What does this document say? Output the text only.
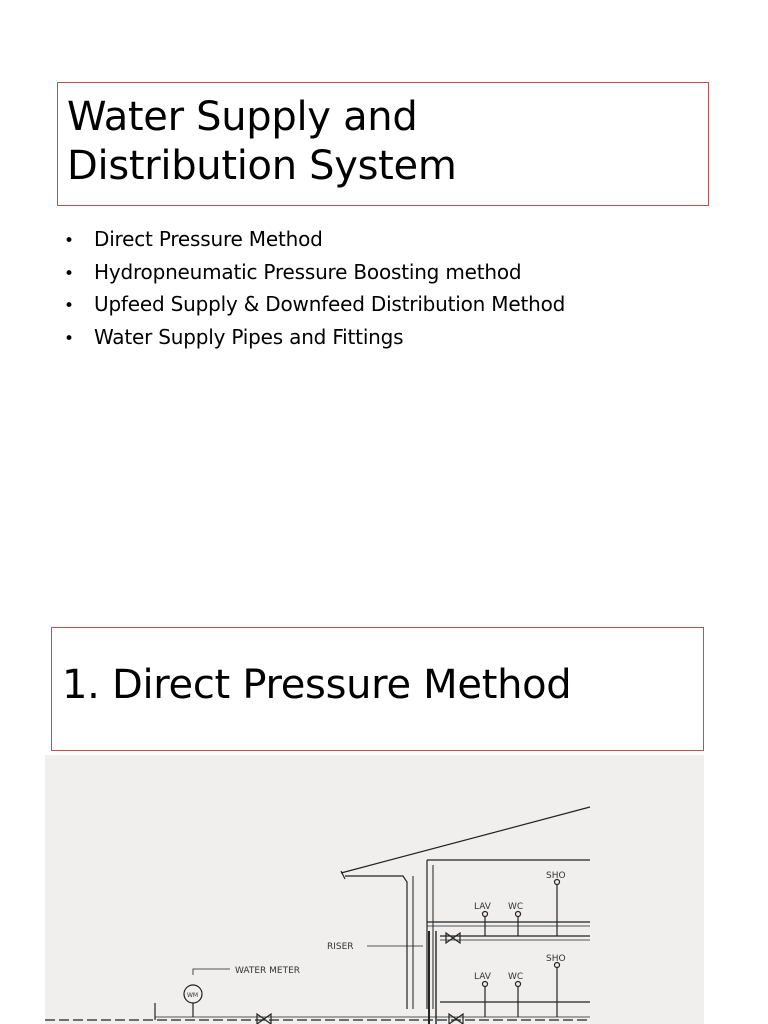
Water Supply and
Distribution System
• Direct Pressure Method
• Hydropneumatic Pressure Boosting method
• Upfeed Supply & Downfeed Distribution Method
• Water Supply Pipes and Fittings
1. Direct Pressure Method
RISER
WATER METER
WM
SHO
LAV WC
SHO
LAV WC
